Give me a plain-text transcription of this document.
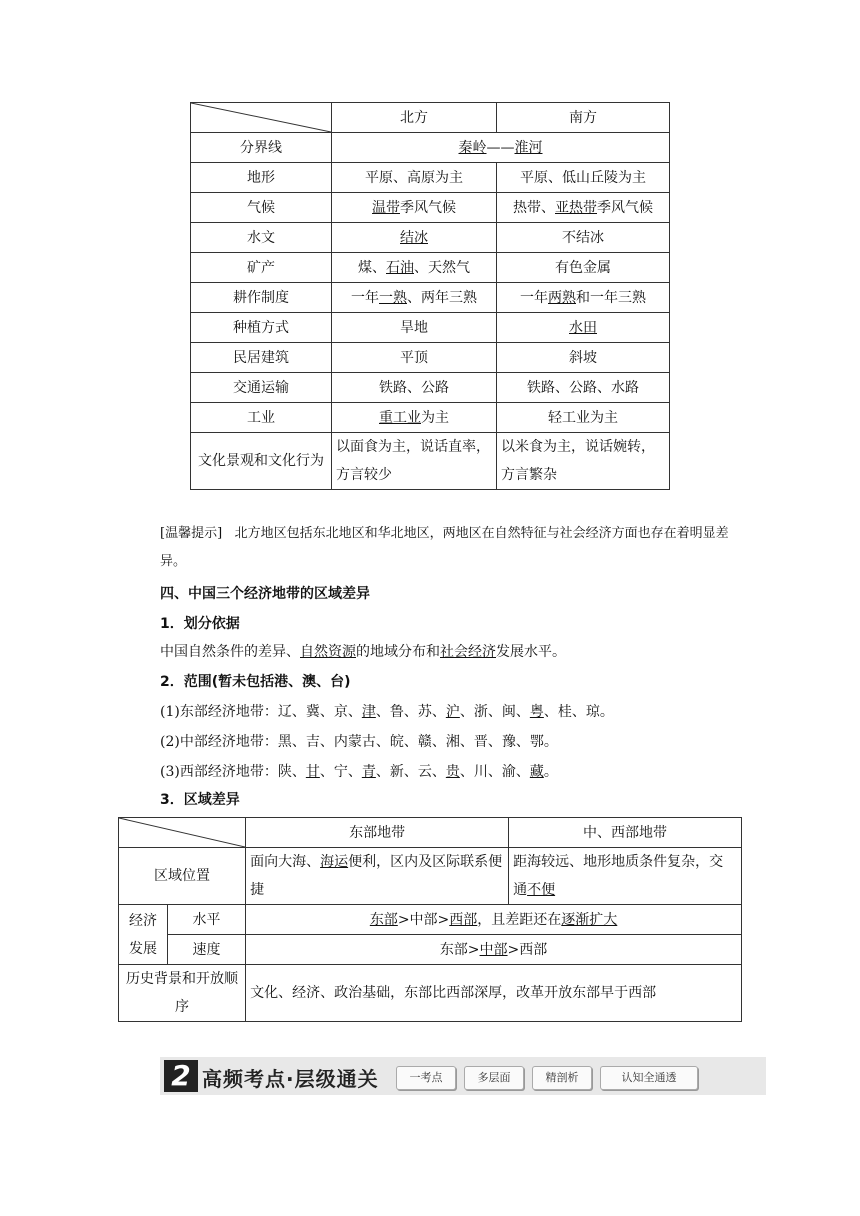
	北方	南方
分界线	秦岭——淮河	
地形	平原、高原为主	平原、低山丘陵为主
气候	温带季风气候	热带、亚热带季风气候
水文	结冰	不结冰
矿产	煤、石油、天然气	有色金属
耕作制度	一年一熟、两年三熟	一年两熟和一年三熟
种植方式	旱地	水田
民居建筑	平顶	斜坡
交通运输	铁路、公路	铁路、公路、水路
工业	重工业为主	轻工业为主
文化景观和文化行为	以面食为主，说话直率，方言较少	以米食为主，说话婉转，方言繁杂
[温馨提示] 北方地区包括东北地区和华北地区，两地区在自然特征与社会经济方面也存在着明显差异。
四、中国三个经济地带的区域差异
1．划分依据
中国自然条件的差异、自然资源的地域分布和社会经济发展水平。
2．范围(暂未包括港、澳、台)
(1)东部经济地带：辽、冀、京、津、鲁、苏、沪、浙、闽、粤、桂、琼。
(2)中部经济地带：黑、吉、内蒙古、皖、赣、湘、晋、豫、鄂。
(3)西部经济地带：陕、甘、宁、青、新、云、贵、川、渝、藏。
3．区域差异
	东部地带	中、西部地带
区域位置		面向大海、海运便利，区内及区际联系便捷	距海较远、地形地质条件复杂，交通不便
经济发展	水平	东部>中部>西部，且差距还在逐渐扩大	
	速度	东部>中部>西部	
历史背景和开放顺序		文化、经济、政治基础，东部比西部深厚，改革开放东部早于西部	
2 高频考点·层级通关	一考点	多层面	精剖析	认知全通透
